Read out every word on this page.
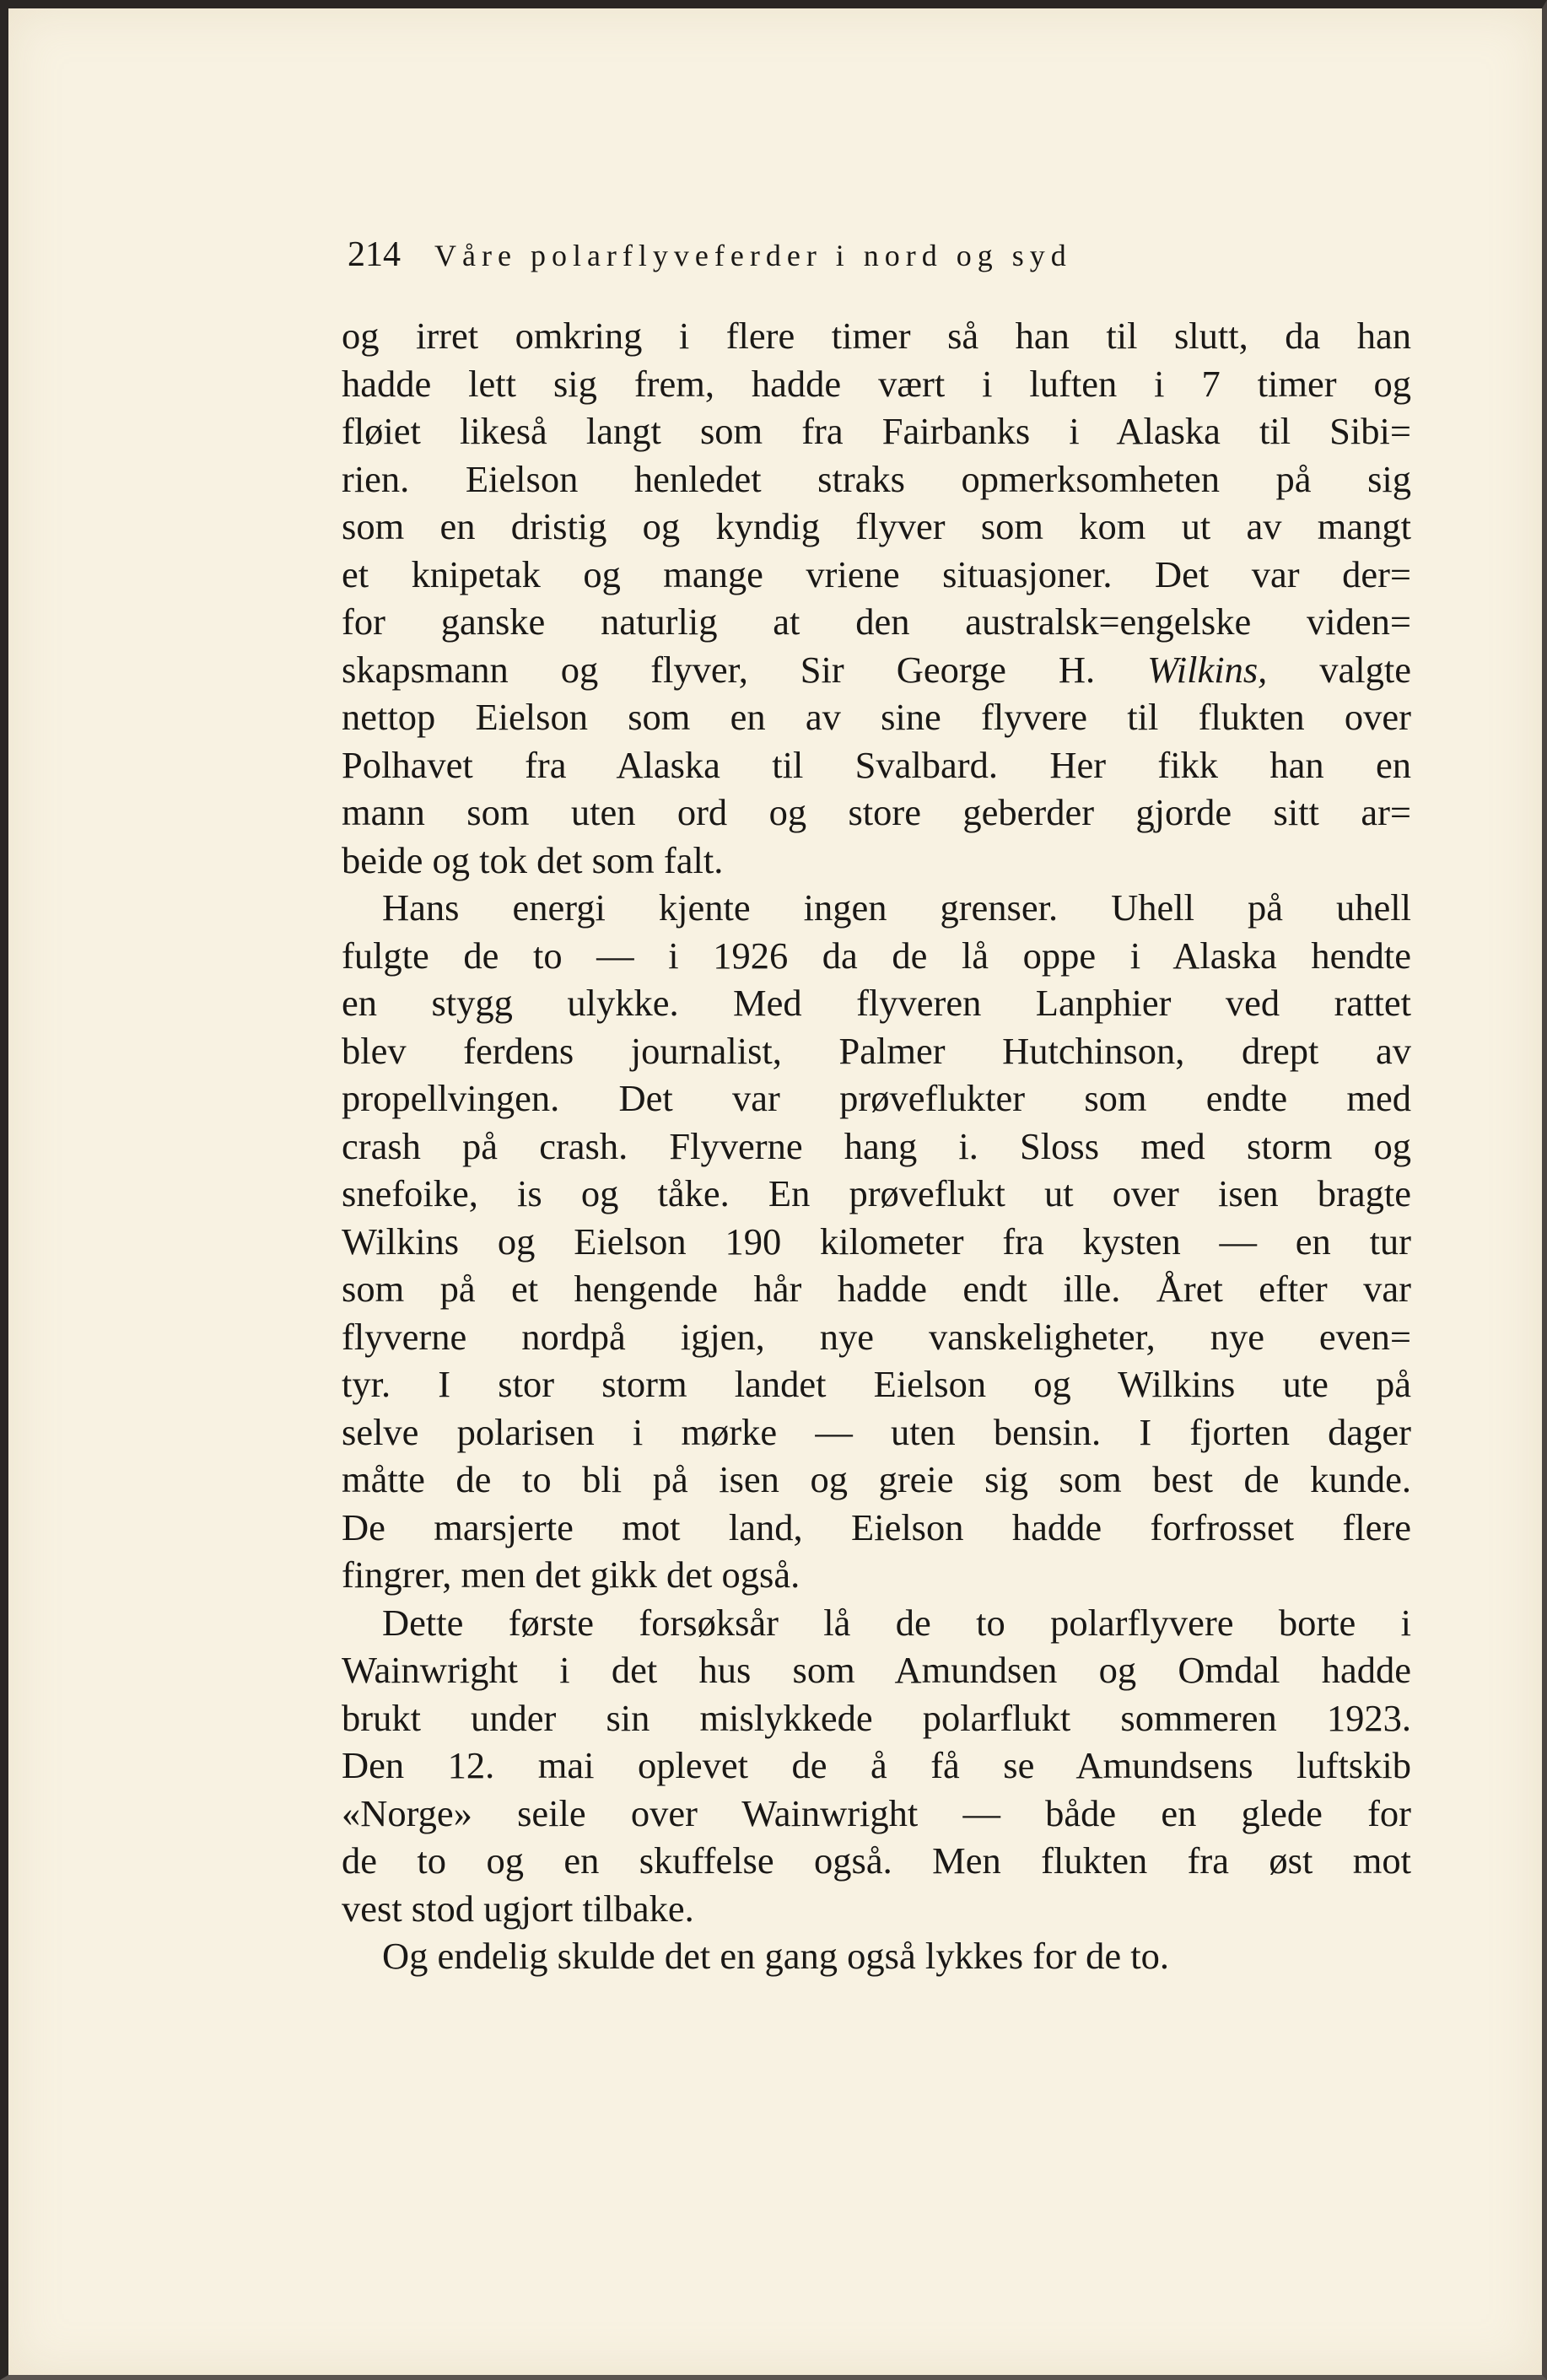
214 Våre polarflyveferder i nord og syd
og irret omkring i flere timer så han til slutt, da han
hadde lett sig frem, hadde vært i luften i 7 timer og
fløiet likeså langt som fra Fairbanks i Alaska til Sibi=
rien. Eielson henledet straks opmerksomheten på sig
som en dristig og kyndig flyver som kom ut av mangt
et knipetak og mange vriene situasjoner. Det var der=
for ganske naturlig at den australsk=engelske viden=
skapsmann og flyver, Sir George H. Wilkins, valgte
nettop Eielson som en av sine flyvere til flukten over
Polhavet fra Alaska til Svalbard. Her fikk han en
mann som uten ord og store geberder gjorde sitt ar=
beide og tok det som falt.
Hans energi kjente ingen grenser. Uhell på uhell
fulgte de to — i 1926 da de lå oppe i Alaska hendte
en stygg ulykke. Med flyveren Lanphier ved rattet
blev ferdens journalist, Palmer Hutchinson, drept av
propellvingen. Det var prøveflukter som endte med
crash på crash. Flyverne hang i. Sloss med storm og
snefoike, is og tåke. En prøveflukt ut over isen bragte
Wilkins og Eielson 190 kilometer fra kysten — en tur
som på et hengende hår hadde endt ille. Året efter var
flyverne nordpå igjen, nye vanskeligheter, nye even=
tyr. I stor storm landet Eielson og Wilkins ute på
selve polarisen i mørke — uten bensin. I fjorten dager
måtte de to bli på isen og greie sig som best de kunde.
De marsjerte mot land, Eielson hadde forfrosset flere
fingrer, men det gikk det også.
Dette første forsøksår lå de to polarflyvere borte i
Wainwright i det hus som Amundsen og Omdal hadde
brukt under sin mislykkede polarflukt sommeren 1923.
Den 12. mai oplevet de å få se Amundsens luftskib
«Norge» seile over Wainwright — både en glede for
de to og en skuffelse også. Men flukten fra øst mot
vest stod ugjort tilbake.
Og endelig skulde det en gang også lykkes for de to.
